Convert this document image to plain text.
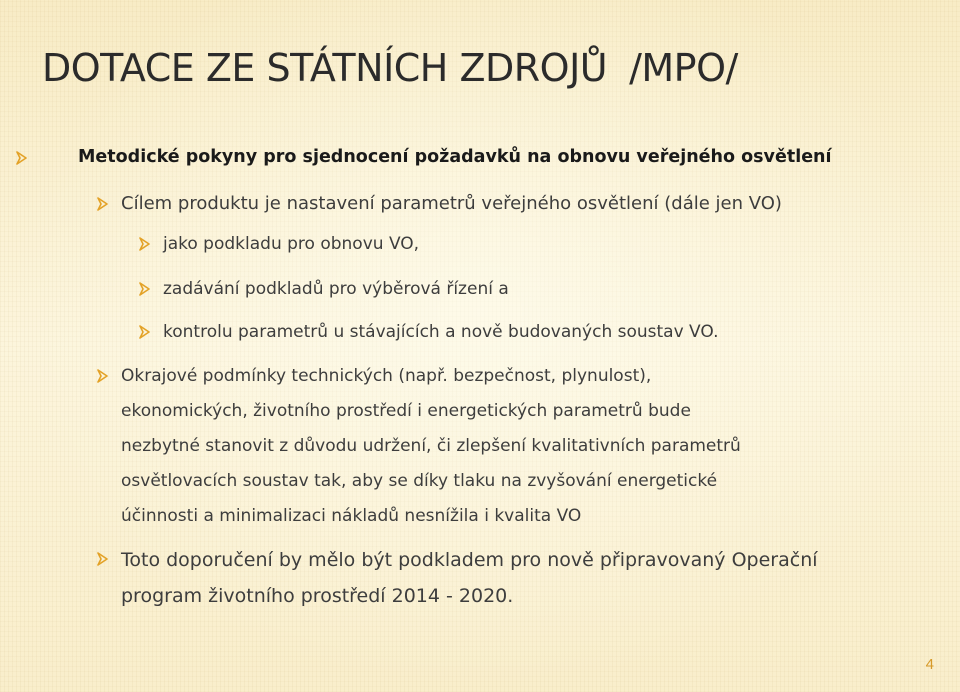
DOTACE ZE STÁTNÍCH ZDROJŮ /MPO/
Metodické pokyny pro sjednocení požadavků na obnovu veřejného osvětlení
Cílem produktu je nastavení parametrů veřejného osvětlení (dále jen VO)
jako podkladu pro obnovu VO,
zadávání podkladů pro výběrová řízení a
kontrolu parametrů u stávajících a nově budovaných soustav VO.
Okrajové podmínky technických (např. bezpečnost, plynulost),
ekonomických, životního prostředí i energetických parametrů bude
nezbytné stanovit z důvodu udržení, či zlepšení kvalitativních parametrů
osvětlovacích soustav tak, aby se díky tlaku na zvyšování energetické
účinnosti a minimalizaci nákladů nesnížila i kvalita VO
Toto doporučení by mělo být podkladem pro nově připravovaný Operační
program životního prostředí 2014 - 2020.
4
